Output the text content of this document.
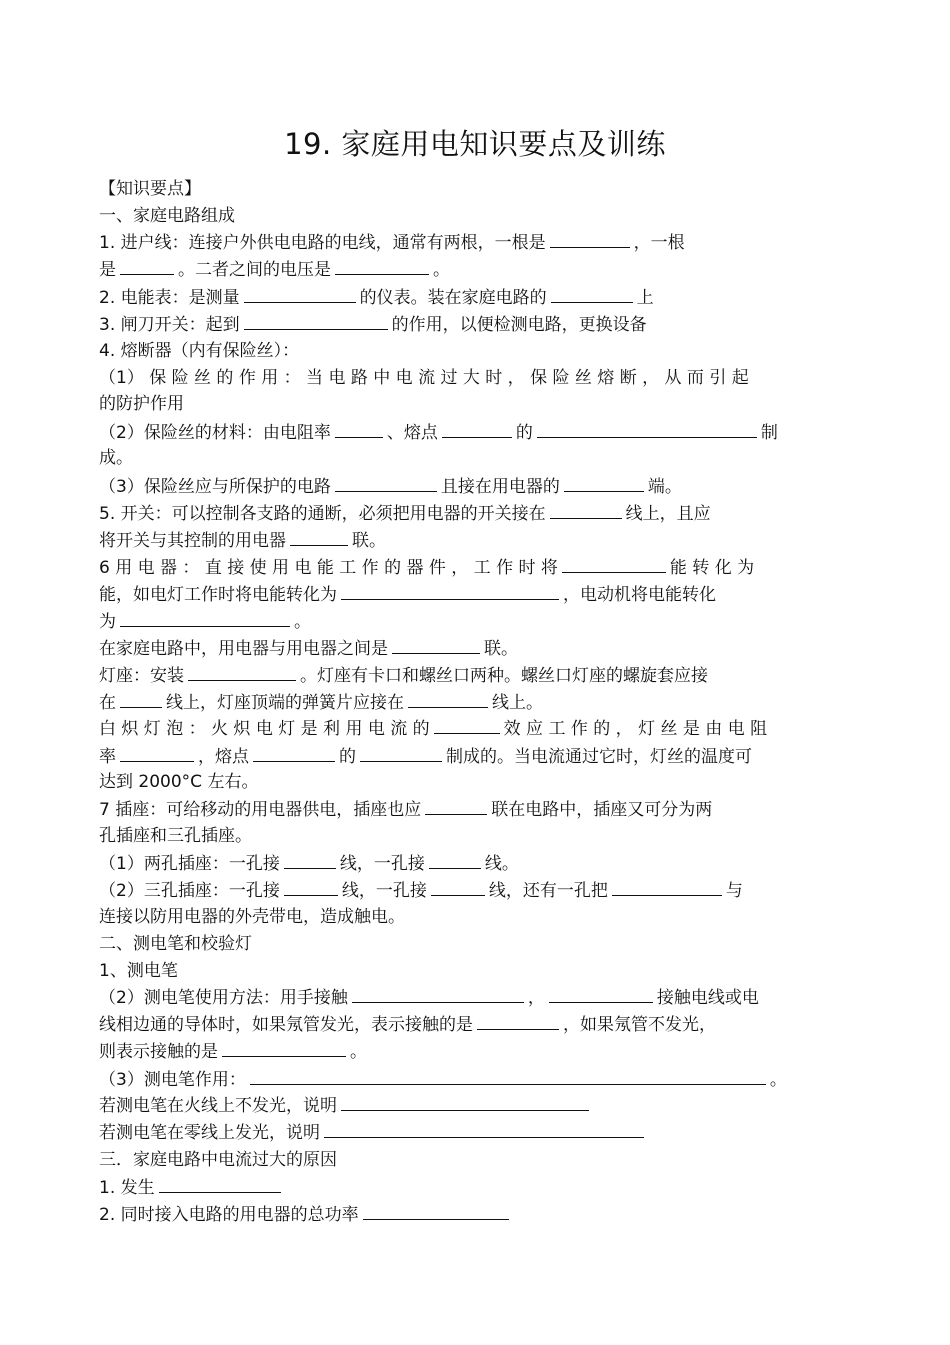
19. 家庭用电知识要点及训练
【知识要点】
一、家庭电路组成
1. 进户线：连接户外供电电路的电线，通常有两根，一根是	，一根
是	。二者之间的电压是	。
2. 电能表：是测量	的仪表。装在家庭电路的	上
3. 闸刀开关：起到	的作用，以便检测电路，更换设备
4. 熔断器（内有保险丝）：
（1） 保 险 丝 的 作 用 ： 当 电 路 中 电 流 过 大 时 ， 保 险 丝 熔 断 ， 从 而 引 起
的防护作用
（2）保险丝的材料：由电阻率	、熔点	的	制
成。
（3）保险丝应与所保护的电路	且接在用电器的	端。
5. 开关：可以控制各支路的通断，必须把用电器的开关接在	线上，且应
将开关与其控制的用电器	联。
6 用 电 器 ： 直 接 使 用 电 能 工 作 的 器 件 ， 工 作 时 将	能 转 化 为
能，如电灯工作时将电能转化为	，电动机将电能转化
为	。
在家庭电路中，用电器与用电器之间是	联。
灯座：安装	。灯座有卡口和螺丝口两种。螺丝口灯座的螺旋套应接
在	线上，灯座顶端的弹簧片应接在	线上。
白 炽 灯 泡 ： 火 炽 电 灯 是 利 用 电 流 的	效 应 工 作 的 ， 灯 丝 是 由 电 阻
率	，熔点	的	制成的。当电流通过它时，灯丝的温度可
达到 2000°C 左右。
7 插座：可给移动的用电器供电，插座也应	联在电路中，插座又可分为两
孔插座和三孔插座。
（1）两孔插座：一孔接	线，一孔接	线。
（2）三孔插座：一孔接	线，一孔接	线，还有一孔把	与
连接以防用电器的外壳带电，造成触电。
二、测电笔和校验灯
1、测电笔
（2）测电笔使用方法：用手接触	，	接触电线或电
线相边通的导体时，如果氖管发光，表示接触的是	，如果氖管不发光，
则表示接触的是	。
（3）测电笔作用：	。
若测电笔在火线上不发光，说明
若测电笔在零线上发光，说明
三．家庭电路中电流过大的原因
1. 发生
2. 同时接入电路的用电器的总功率
